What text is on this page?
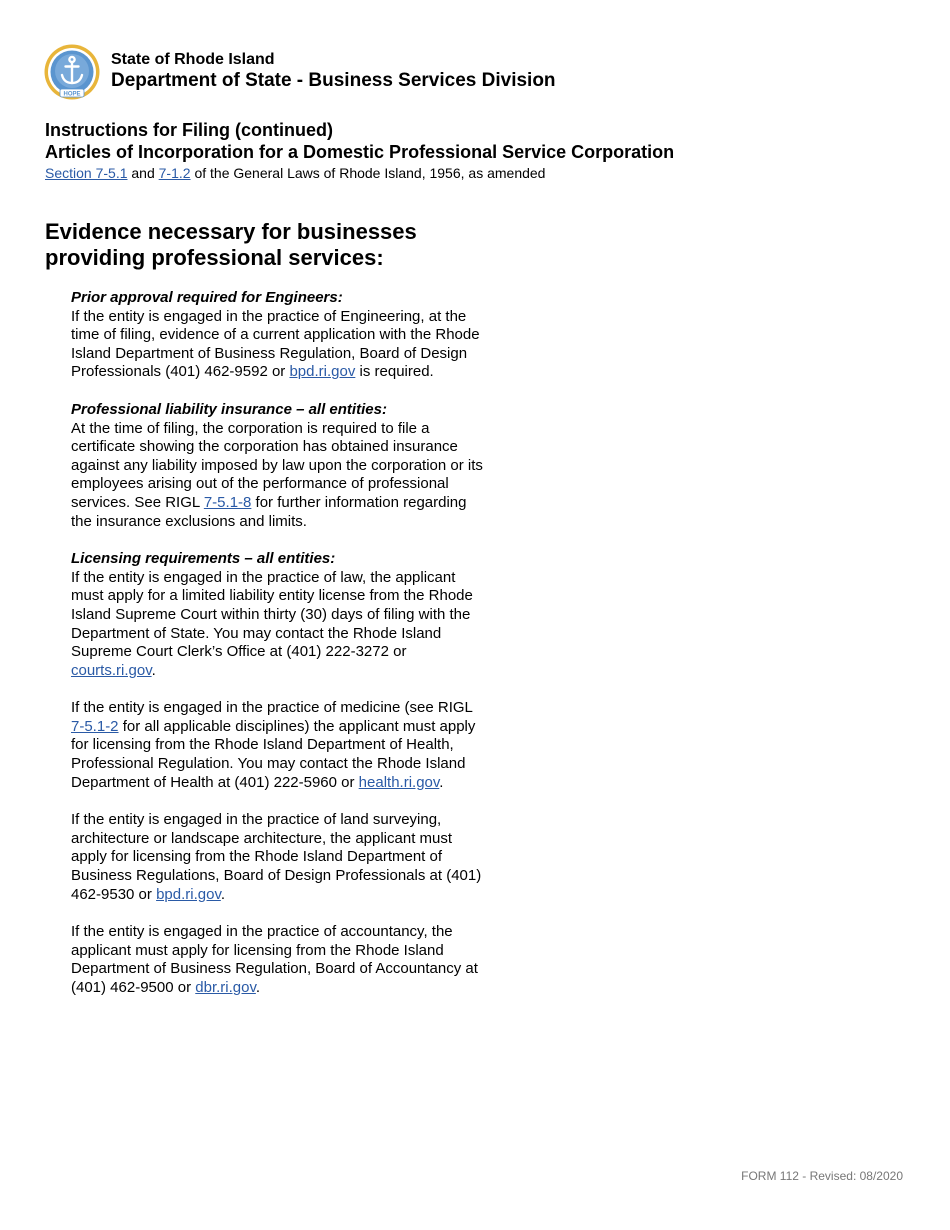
HOPE
State of Rhode Island
Department of State - Business Services Division
Instructions for Filing (continued)
Articles of Incorporation for a Domestic Professional Service Corporation
Section 7-5.1 and 7-1.2 of the General Laws of Rhode Island, 1956, as amended
Evidence necessary for businesses providing professional services:
Prior approval required for Engineers:

If the entity is engaged in the practice of Engineering, at the time of filing, evidence of a current application with the Rhode Island Department of Business Regulation, Board of Design Professionals (401) 462-9592 or bpd.ri.gov is required.

Professional liability insurance – all entities:

At the time of filing, the corporation is required to file a certificate showing the corporation has obtained insurance against any liability imposed by law upon the corporation or its employees arising out of the performance of professional services. See RIGL 7-5.1-8 for further information regarding the insurance exclusions and limits.

Licensing requirements – all entities:

If the entity is engaged in the practice of law, the applicant must apply for a limited liability entity license from the Rhode Island Supreme Court within thirty (30) days of filing with the Department of State. You may contact the Rhode Island Supreme Court Clerk’s Office at (401) 222-3272 or courts.ri.gov.

If the entity is engaged in the practice of medicine (see RIGL 7-5.1-2 for all applicable disciplines) the applicant must apply for licensing from the Rhode Island Department of Health, Professional Regulation. You may contact the Rhode Island Department of Health at (401) 222-5960 or health.ri.gov.

If the entity is engaged in the practice of land surveying, architecture or landscape architecture, the applicant must apply for licensing from the Rhode Island Department of Business Regulations, Board of Design Professionals at (401) 462-9530 or bpd.ri.gov.

If the entity is engaged in the practice of accountancy, the applicant must apply for licensing from the Rhode Island Department of Business Regulation, Board of Accountancy at (401) 462-9500 or dbr.ri.gov.

FORM 112 - Revised: 08/2020
